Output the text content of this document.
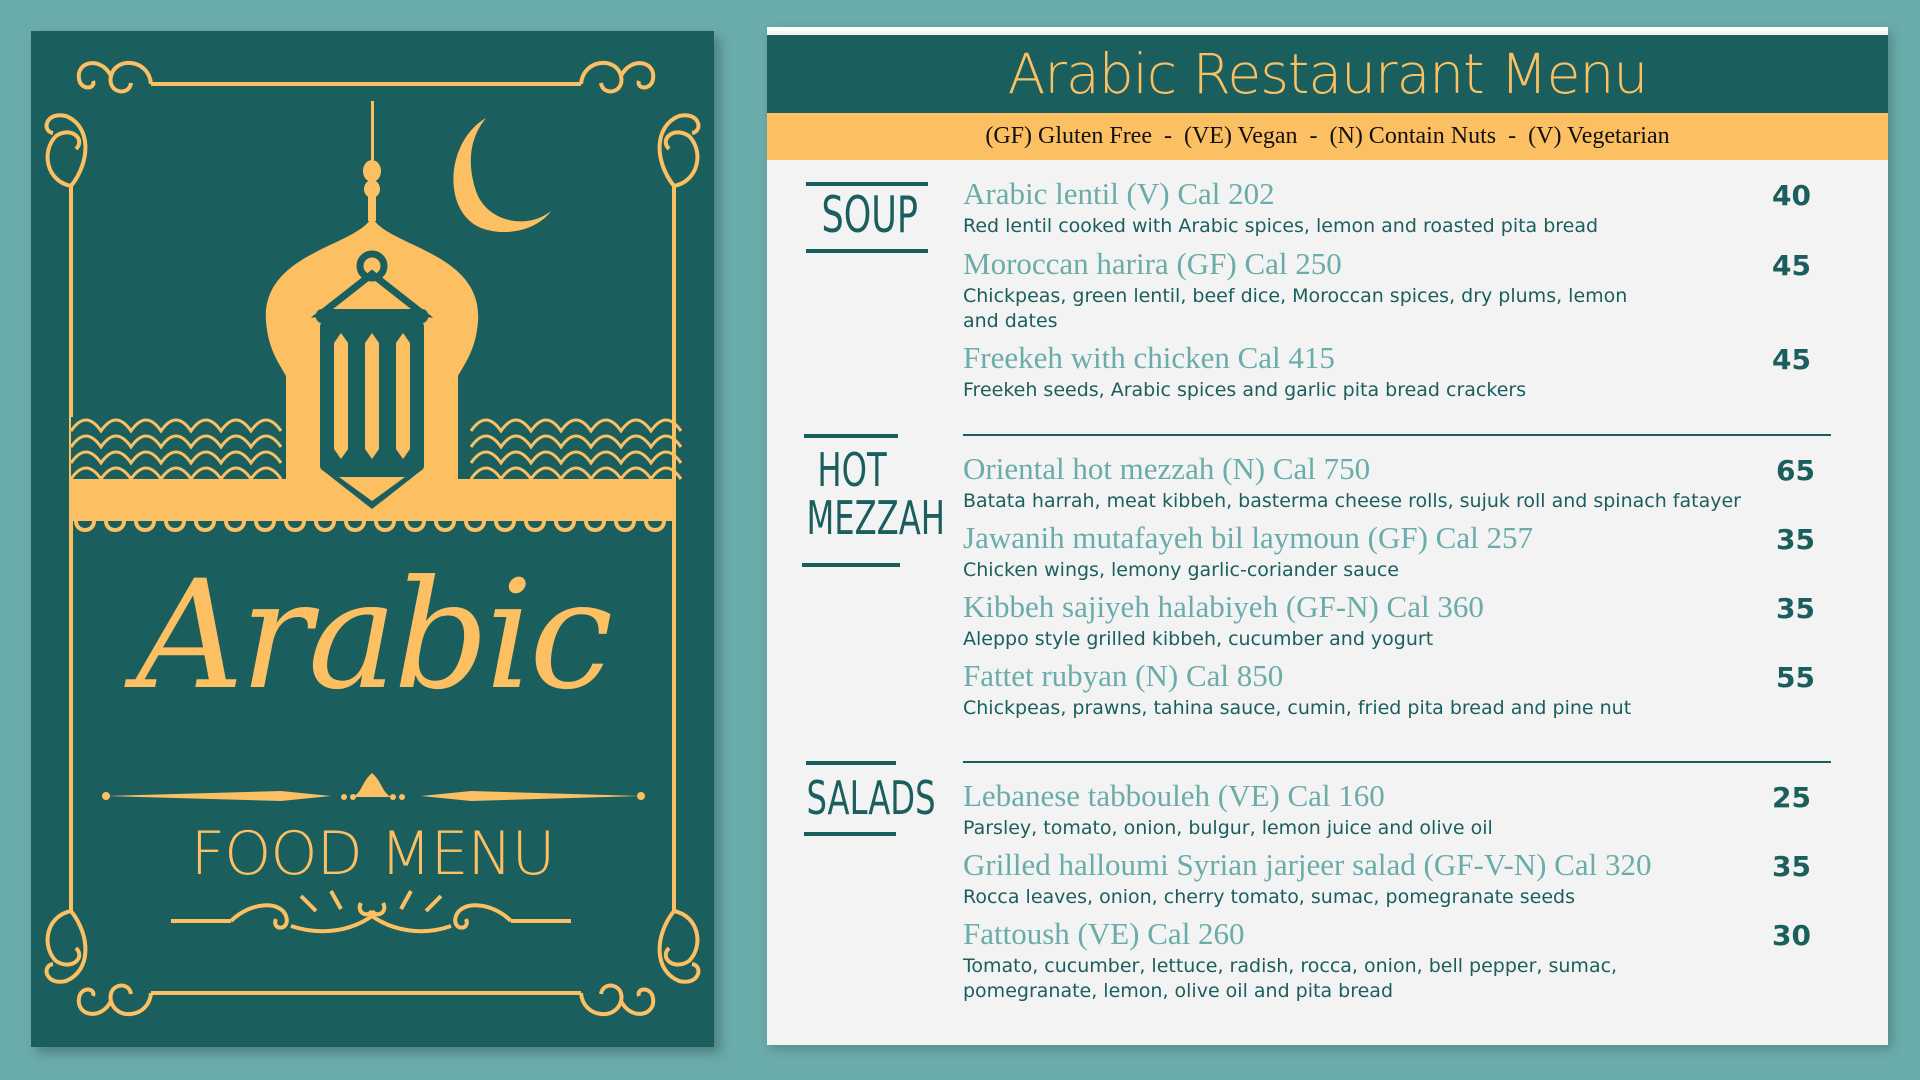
Arabic
FOOD MENU
Arabic Restaurant Menu
(GF) Gluten Free  -  (VE) Vegan  -  (N) Contain Nuts  -  (V) Vegetarian
SOUP Arabic lentil (V) Cal 202
Red lentil cooked with Arabic spices, lemon and roasted pita bread
40
Moroccan harira (GF) Cal 250
Chickpeas, green lentil, beef dice, Moroccan spices, dry plums, lemon and dates
45
Freekeh with chicken Cal 415
Freekeh seeds, Arabic spices and garlic pita bread crackers
45
HOT
MEZZAH
Oriental hot mezzah (N) Cal 750
Batata harrah, meat kibbeh, basterma cheese rolls, sujuk roll and spinach fatayer
65
Jawanih mutafayeh bil laymoun (GF) Cal 257
Chicken wings, lemony garlic-coriander sauce
35
Kibbeh sajiyeh halabiyeh (GF-N) Cal 360
Aleppo style grilled kibbeh, cucumber and yogurt
35
Fattet rubyan (N) Cal 850
Chickpeas, prawns, tahina sauce, cumin, fried pita bread and pine nut
55
SALADS Lebanese tabbouleh (VE) Cal 160
Parsley, tomato, onion, bulgur, lemon juice and olive oil
25
Grilled halloumi Syrian jarjeer salad (GF-V-N) Cal 320
Rocca leaves, onion, cherry tomato, sumac, pomegranate seeds
35
Fattoush (VE) Cal 260
Tomato, cucumber, lettuce, radish, rocca, onion, bell pepper, sumac, pomegranate, lemon, olive oil and pita bread
30
